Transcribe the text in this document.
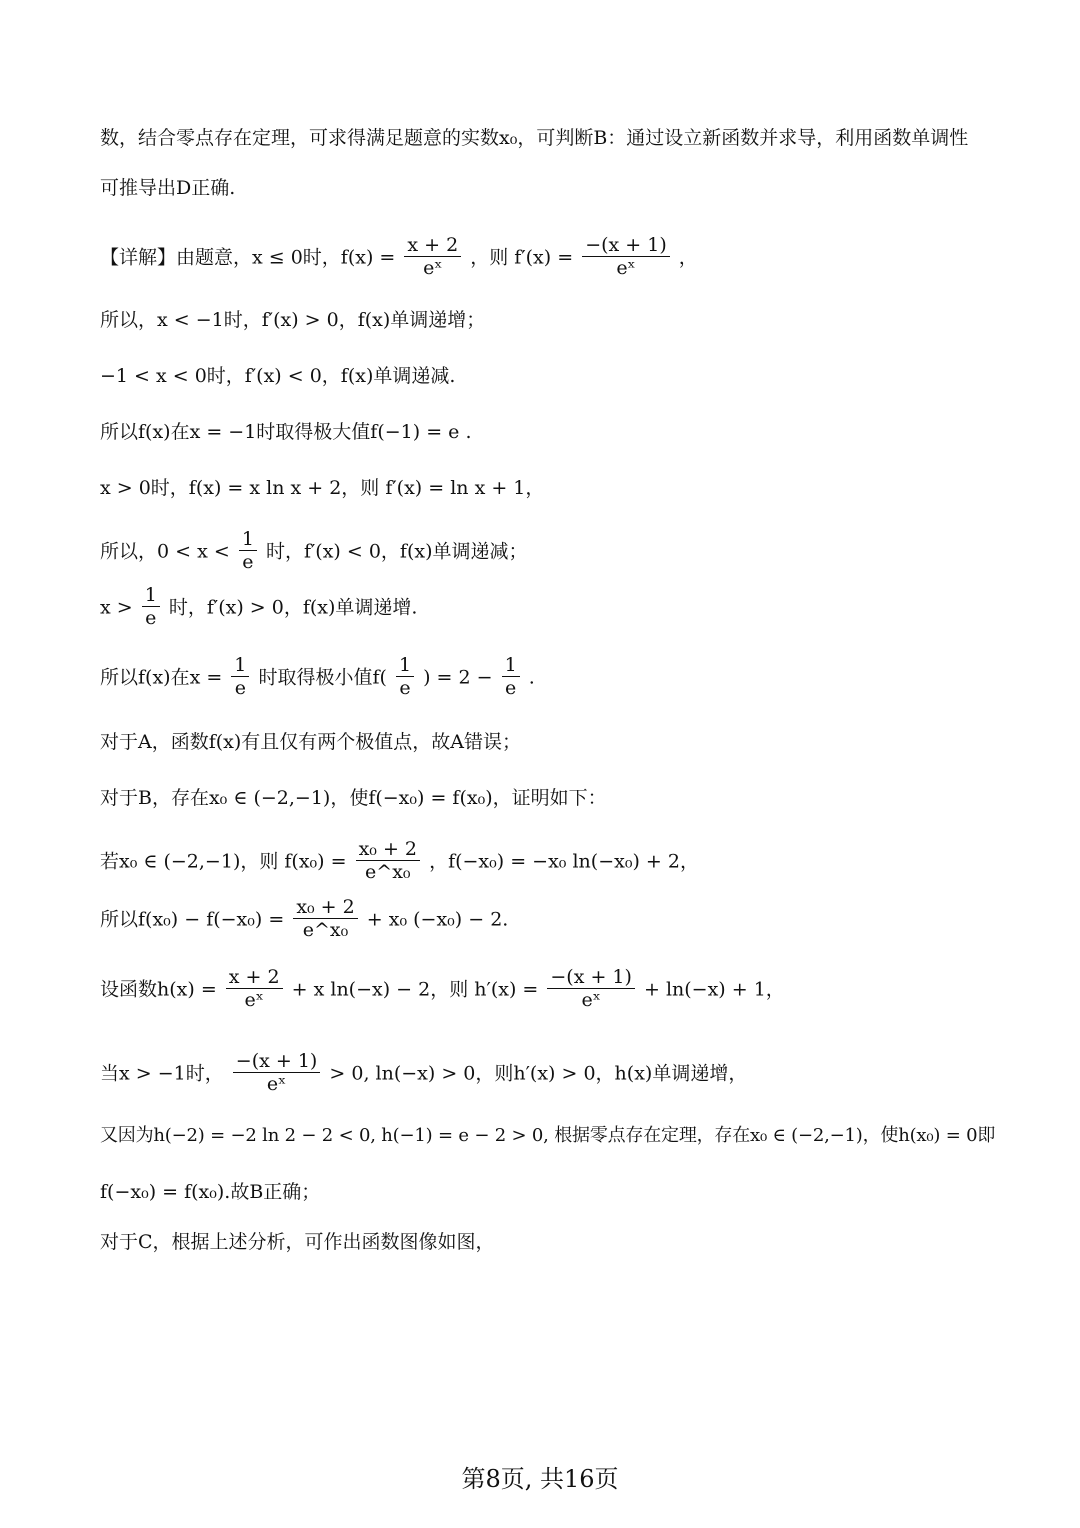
数，结合零点存在定理，可求得满足题意的实数x₀，可判断B：通过设立新函数并求导，利用函数单调性
可推导出D正确.
【详解】由题意，x ≤ 0时，$f(x) = \frac{x + 2}{\text{eˣ}}$ ，则 $f'(x) = \frac{-(x + 1)}{\text{eˣ}}$ ，
所以，x < −1时，f′(x) > 0，f(x)单调递增；
−1 < x < 0时，f′(x) < 0，f(x)单调递减.
所以f(x)在x = −1时取得极大值f(−1) = e .
x > 0时，f(x) = x ln x + 2，则 f′(x) = ln x + 1，
所以，$0 < x < \frac{1}{e}$ 时，f′(x) < 0，f(x)单调递减；
$x > \frac{1}{e}$ 时，f′(x) > 0，f(x)单调递增.
所以f(x)在$x = \frac{1}{e}$ 时取得极小值$f( \frac{1}{e}$ ) = $2 - \frac{1}{e}$ .
对于A，函数f(x)有且仅有两个极值点，故A错误；
对于B，存在x₀ ∈ (−2,−1)，使f(−x₀) = f(x₀)，证明如下：
若x₀ ∈ (−2,−1)，则 $f(x_0) = \frac{\text{x₀ + 2}}{\text{e\textasciicircum{}x₀}}$ ，f(−x₀) = −x₀ ln(−x₀) + 2，
所以$f(x_0) - f(-x_0) = \frac{\text{x₀ + 2}}{\text{e\textasciicircum{}x₀}} + x_0$ (−x₀) − 2.
设函数$h(x) = \frac{x + 2}{\text{eˣ}} + x$ ln(−x) − 2，则 $h'(x) = \frac{-(x + 1)}{\text{eˣ}} + \ln(-x) + 1$，
当x > −1时， $\frac{-(x + 1)}{\text{eˣ}} > 0$, ln(−x) > 0，则h′(x) > 0，h(x)单调递增，
又因为h(−2) = −2 ln 2 − 2 < 0, h(−1) = e − 2 > 0, 根据零点存在定理，存在x₀ ∈ (−2,−1)，使h(x₀) = 0即
f(−x₀) = f(x₀).故B正确；
对于C，根据上述分析，可作出函数图像如图，
第8页, 共16页
